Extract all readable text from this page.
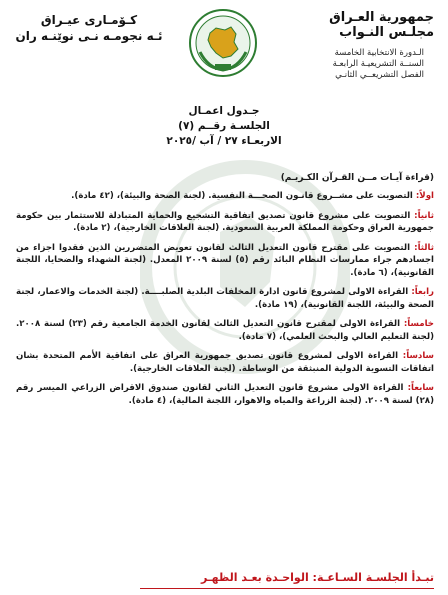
جمهورية العـراق
مجلـس النـواب
الـدورة الانتخابية الخامسة
السنــة التشريعيـة الرابعـة
الفصل التشريعــي الثانـي
كـۆمـارى عيـراق
ئـه نجومـه نـى نوێنـه ران
جـدول اعمـال
الجلسـة رقــم (٧)
الاربعـاء ٢٧ / آب /٢٠٢٥
(قراءة آيـات مــن القـرآن الكـريـم)
اولاً: التصويت على مشــروع قانـون الصحـــة النفسية. (لجنة الصحة والبيئة)، (٤٢ مادة).
ثانياً: التصويت على مشروع قانون تصديق اتفاقية التشجيع والحماية المتبادلة للاستثمار بين حكومة جمهورية العراق وحكومة المملكة العربية السعودية. (لجنة العلاقات الخارجية)، (٢ مادة).
ثالثاً: التصويت على مقترح قانون التعديل الثالث لقانون تعويض المتضررين الذين فقدوا اجزاء من اجسادهم جراء ممارسات النظام البائد رقم (٥) لسنة ٢٠٠٩ المعدل. (لجنة الشهداء والضحايا، اللجنة القانونية)، (٦ مادة).
رابعاً: القراءة الاولى لمشروع قانون ادارة المخلفات البلدية الصلبــــة. (لجنة الخدمات والاعمار، لجنة الصحة والبيئة، اللجنة القانونية)، (١٩ مادة).
خامساً: القراءة الاولى لمقترح قانون التعديل الثالث لقانون الخدمة الجامعية رقم (٢٣) لسنة ٢٠٠٨. (لجنة التعليم العالي والبحث العلمي)، (٧ مادة).
سادساً: القراءة الاولى لمشروع قانون تصديق جمهورية العراق على اتفاقية الأمم المتحدة بشان اتفاقات التسوية الدولية المنبثقة من الوساطة. (لجنة العلاقات الخارجية).
سابعاً: القراءة الاولى مشروع قانون التعديل الثاني لقانون صندوق الاقراض الزراعي الميسر رقم (٢٨) لسنة ٢٠٠٩. (لجنة الزراعة والمياه والاهوار، اللجنة المالية)، (٤ مادة).
تبـدأ الجلسـة السـاعـة: الواحـدة بعـد الظهـر
